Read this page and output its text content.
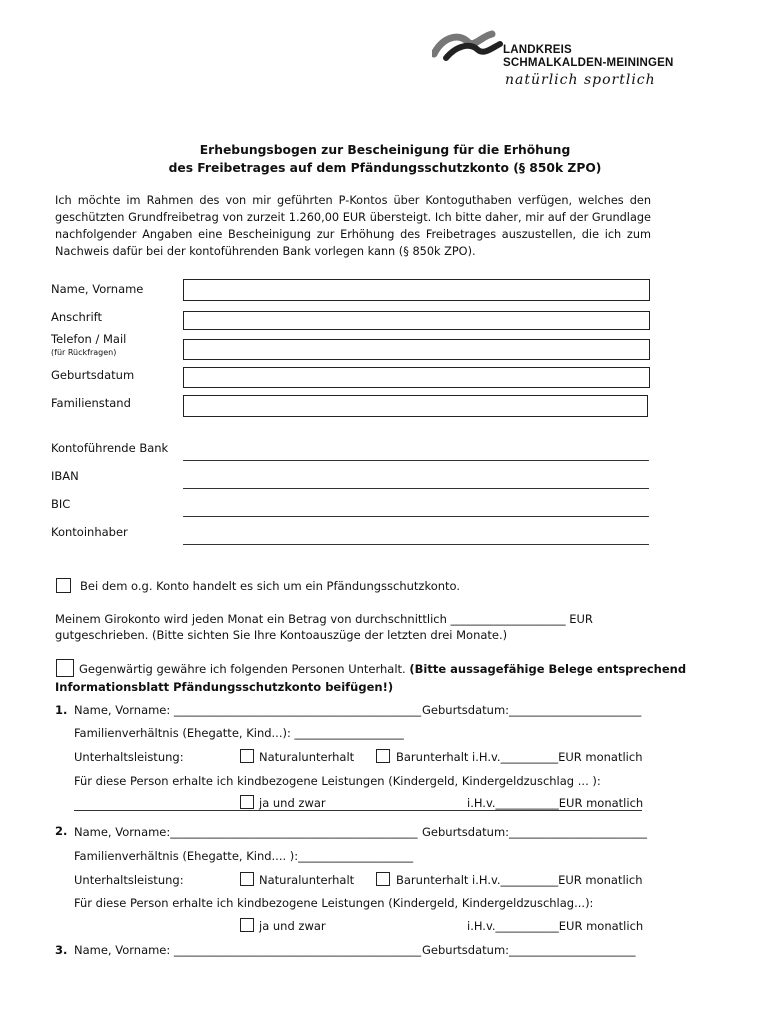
LANDKREIS
SCHMALKALDEN-MEININGEN
natürlich sportlich
Erhebungsbogen zur Bescheinigung für die Erhöhung
des Freibetrages auf dem Pfändungsschutzkonto (§ 850k ZPO)
Ich möchte im Rahmen des von mir geführten P-Kontos über Kontoguthaben verfügen, welches den
geschützten Grundfreibetrag von zurzeit 1.260,00 EUR übersteigt. Ich bitte daher, mir auf der Grundlage
nachfolgender Angaben eine Bescheinigung zur Erhöhung des Freibetrages auszustellen, die ich zum
Nachweis dafür bei der kontoführenden Bank vorlegen kann (§ 850k ZPO).
Name, Vorname
Anschrift
Telefon / Mail
(für Rückfragen)
Geburtsdatum
Familienstand
Kontoführende Bank
IBAN
BIC
Kontoinhaber
Bei dem o.g. Konto handelt es sich um ein Pfändungsschutzkonto.
Meinem Girokonto wird jeden Monat ein Betrag von durchschnittlich ____________________ EUR
gutgeschrieben. (Bitte sichten Sie Ihre Kontoauszüge der letzten drei Monate.)
Gegenwärtig gewähre ich folgenden Personen Unterhalt. (Bitte aussagefähige Belege entsprechend
Informationsblatt Pfändungsschutzkonto beifügen!)
1. Name, Vorname: ___________________________________________ Geburtsdatum:_______________________
Familienverhältnis (Ehegatte, Kind...): ___________________
Unterhaltsleistung:	Naturalunterhalt	Barunterhalt i.H.v.__________EUR monatlich
Für diese Person erhalte ich kindbezogene Leistungen (Kindergeld, Kindergeldzuschlag ... ):
ja und zwar	i.H.v.___________EUR monatlich
2. Name, Vorname:___________________________________________ Geburtsdatum:________________________
Familienverhältnis (Ehegatte, Kind.... ):____________________
Unterhaltsleistung:	Naturalunterhalt	Barunterhalt i.H.v.__________EUR monatlich
Für diese Person erhalte ich kindbezogene Leistungen (Kindergeld, Kindergeldzuschlag...):
ja und zwar	i.H.v.___________EUR monatlich
3. Name, Vorname: ___________________________________________ Geburtsdatum:______________________
